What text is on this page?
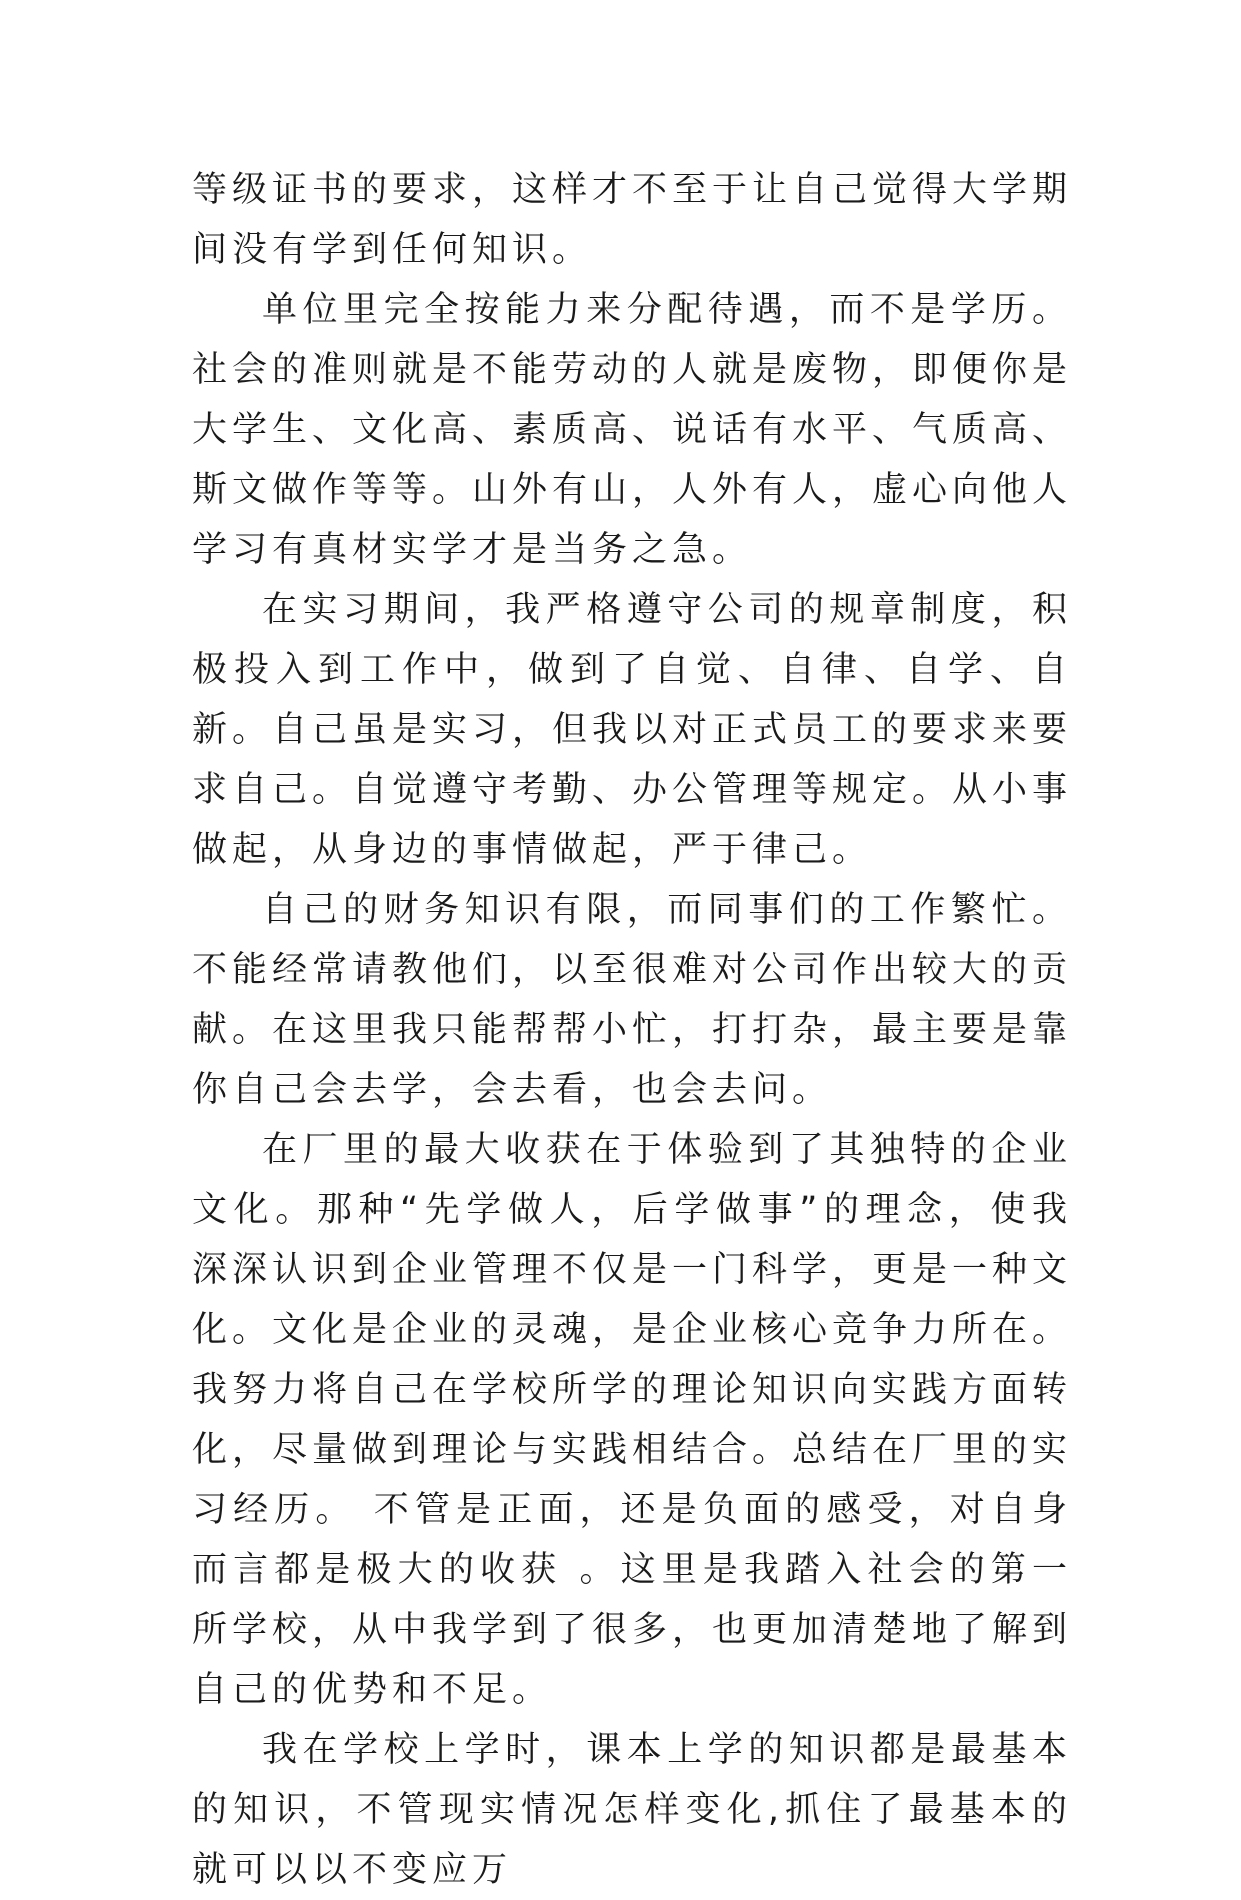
等级证书的要求，这样才不至于让自己觉得大学期间没有学到任何知识。

单位里完全按能力来分配待遇，而不是学历。社会的准则就是不能劳动的人就是废物，即便你是大学生、文化高、素质高、说话有水平、气质高、斯文做作等等。山外有山，人外有人，虚心向他人学习有真材实学才是当务之急。

在实习期间，我严格遵守公司的规章制度，积极投入到工作中，做到了自觉、自律、自学、自新。自己虽是实习，但我以对正式员工的要求来要求自己。自觉遵守考勤、办公管理等规定。从小事做起，从身边的事情做起，严于律己。

自己的财务知识有限，而同事们的工作繁忙。不能经常请教他们，以至很难对公司作出较大的贡献。在这里我只能帮帮小忙，打打杂，最主要是靠你自己会去学，会去看，也会去问。

在厂里的最大收获在于体验到了其独特的企业文化。那种“先学做人，后学做事”的理念，使我深深认识到企业管理不仅是一门科学，更是一种文化。文化是企业的灵魂，是企业核心竞争力所在。我努力将自己在学校所学的理论知识向实践方面转化，尽量做到理论与实践相结合。总结在厂里的实习经历。 不管是正面，还是负面的感受，对自身而言都是极大的收获 。这里是我踏入社会的第一所学校，从中我学到了很多，也更加清楚地了解到自己的优势和不足。

我在学校上学时，课本上学的知识都是最基本的知识，不管现实情况怎样变化,抓住了最基本的就可以以不变应万
